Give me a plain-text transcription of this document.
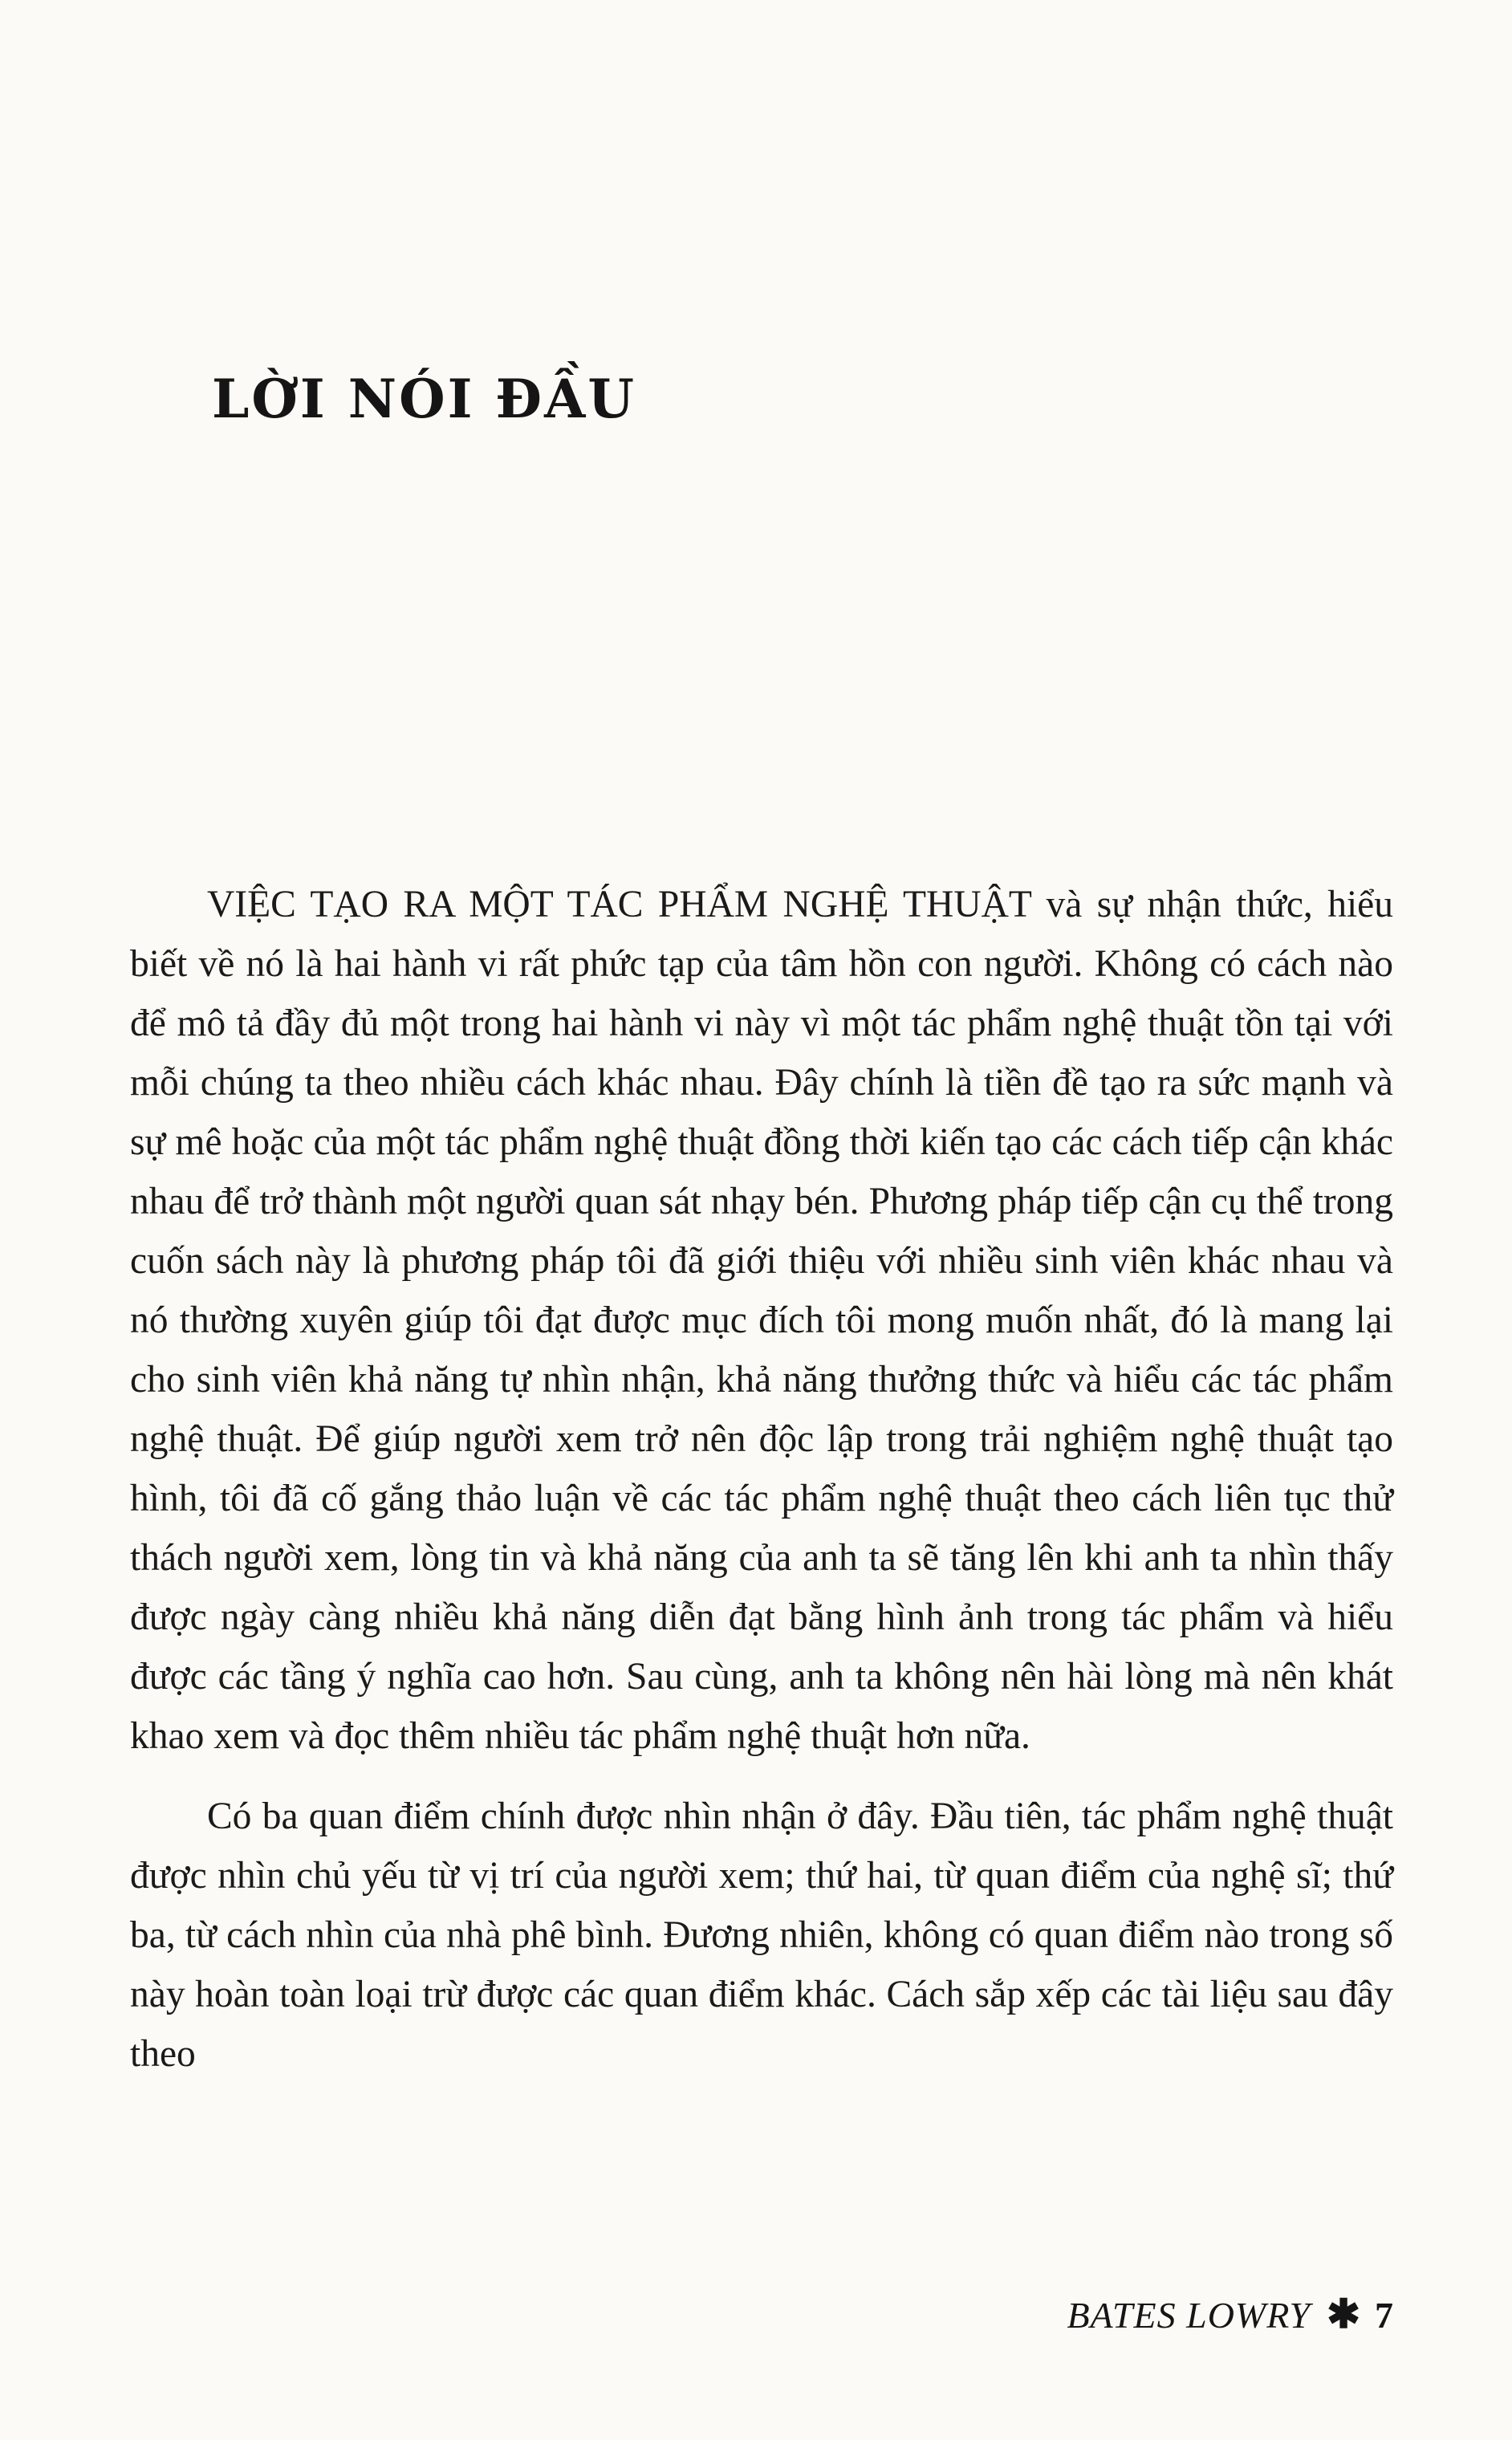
LỜI NÓI ĐẦU

VIỆC TẠO RA MỘT TÁC PHẨM NGHỆ THUẬT và sự nhận thức, hiểu biết về nó là hai hành vi rất phức tạp của tâm hồn con người. Không có cách nào để mô tả đầy đủ một trong hai hành vi này vì một tác phẩm nghệ thuật tồn tại với mỗi chúng ta theo nhiều cách khác nhau. Đây chính là tiền đề tạo ra sức mạnh và sự mê hoặc của một tác phẩm nghệ thuật đồng thời kiến tạo các cách tiếp cận khác nhau để trở thành một người quan sát nhạy bén. Phương pháp tiếp cận cụ thể trong cuốn sách này là phương pháp tôi đã giới thiệu với nhiều sinh viên khác nhau và nó thường xuyên giúp tôi đạt được mục đích tôi mong muốn nhất, đó là mang lại cho sinh viên khả năng tự nhìn nhận, khả năng thưởng thức và hiểu các tác phẩm nghệ thuật. Để giúp người xem trở nên độc lập trong trải nghiệm nghệ thuật tạo hình, tôi đã cố gắng thảo luận về các tác phẩm nghệ thuật theo cách liên tục thử thách người xem, lòng tin và khả năng của anh ta sẽ tăng lên khi anh ta nhìn thấy được ngày càng nhiều khả năng diễn đạt bằng hình ảnh trong tác phẩm và hiểu được các tầng ý nghĩa cao hơn. Sau cùng, anh ta không nên hài lòng mà nên khát khao xem và đọc thêm nhiều tác phẩm nghệ thuật hơn nữa.

Có ba quan điểm chính được nhìn nhận ở đây. Đầu tiên, tác phẩm nghệ thuật được nhìn chủ yếu từ vị trí của người xem; thứ hai, từ quan điểm của nghệ sĩ; thứ ba, từ cách nhìn của nhà phê bình. Đương nhiên, không có quan điểm nào trong số này hoàn toàn loại trừ được các quan điểm khác. Cách sắp xếp các tài liệu sau đây theo

BATES LOWRY ✱ 7
